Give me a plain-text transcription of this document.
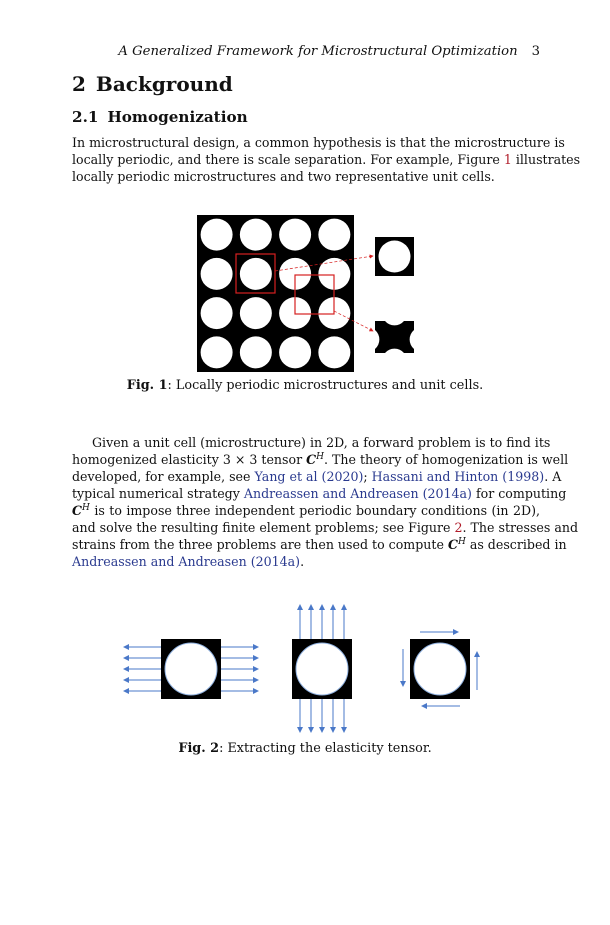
A Generalized Framework for Microstructural Optimization 3
2 Background
2.1 Homogenization
In microstructural design, a common hypothesis is that the microstructure is
locally periodic, and there is scale separation. For example, Figure 1 illustrates
locally periodic microstructures and two representative unit cells.
Fig. 1: Locally periodic microstructures and unit cells.
Given a unit cell (microstructure) in 2D, a forward problem is to find its
homogenized elasticity 3 × 3 tensor $C^H$. The theory of homogenization is well
developed, for example, see Yang et al (2020); Hassani and Hinton (1998). A
typical numerical strategy Andreassen and Andreasen (2014a) for computing
$C^H$ is to impose three independent periodic boundary conditions (in 2D),
and solve the resulting finite element problems; see Figure 2. The stresses and
strains from the three problems are then used to compute $C^H$ as described in
Andreassen and Andreasen (2014a).
Fig. 2: Extracting the elasticity tensor.
